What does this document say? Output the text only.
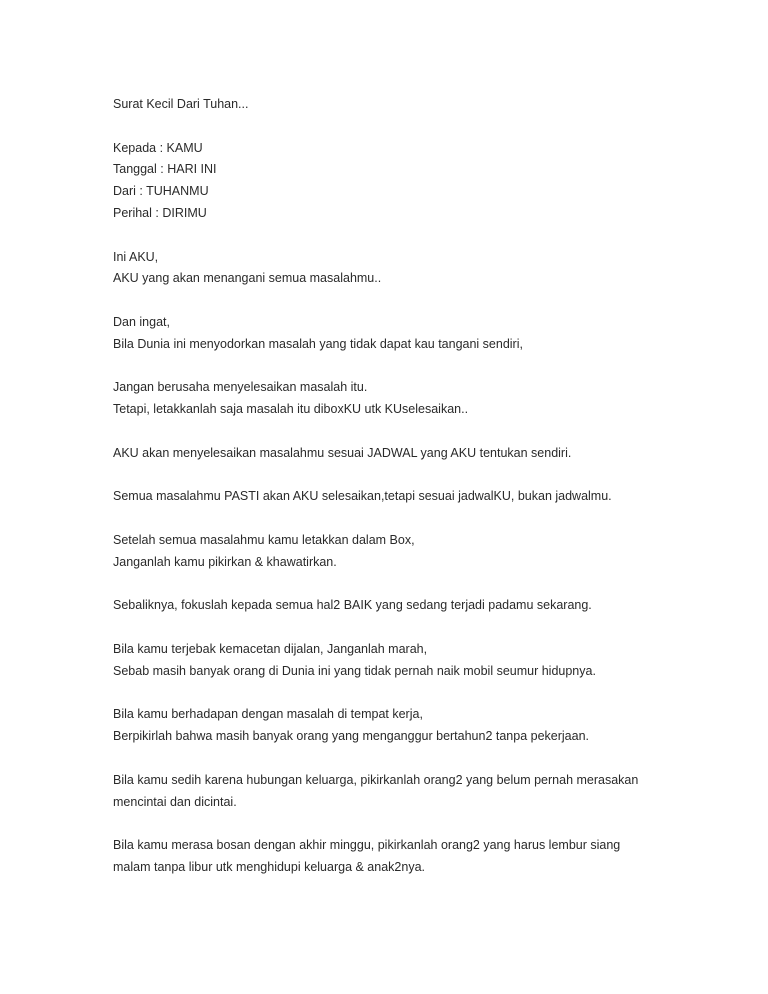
Surat Kecil Dari Tuhan...
Kepada : KAMU
Tanggal : HARI INI
Dari : TUHANMU
Perihal : DIRIMU
Ini AKU,
AKU yang akan menangani semua masalahmu..
Dan ingat,
Bila Dunia ini menyodorkan masalah yang tidak dapat kau tangani sendiri,
Jangan berusaha menyelesaikan masalah itu.
Tetapi, letakkanlah saja masalah itu diboxKU utk KUselesaikan..
AKU akan menyelesaikan masalahmu sesuai JADWAL yang AKU tentukan sendiri.
Semua masalahmu PASTI akan AKU selesaikan,tetapi sesuai jadwalKU, bukan jadwalmu.
Setelah semua masalahmu kamu letakkan dalam Box,
Janganlah kamu pikirkan & khawatirkan.
Sebaliknya, fokuslah kepada semua hal2 BAIK yang sedang terjadi padamu sekarang.
Bila kamu terjebak kemacetan dijalan, Janganlah marah,
Sebab masih banyak orang di Dunia ini yang tidak pernah naik mobil seumur hidupnya.
Bila kamu berhadapan dengan masalah di tempat kerja,
Berpikirlah bahwa masih banyak orang yang menganggur bertahun2 tanpa pekerjaan.
Bila kamu sedih karena hubungan keluarga, pikirkanlah orang2 yang belum pernah merasakan
mencintai dan dicintai.
Bila kamu merasa bosan dengan akhir minggu, pikirkanlah orang2 yang harus lembur siang
malam tanpa libur utk menghidupi keluarga & anak2nya.
